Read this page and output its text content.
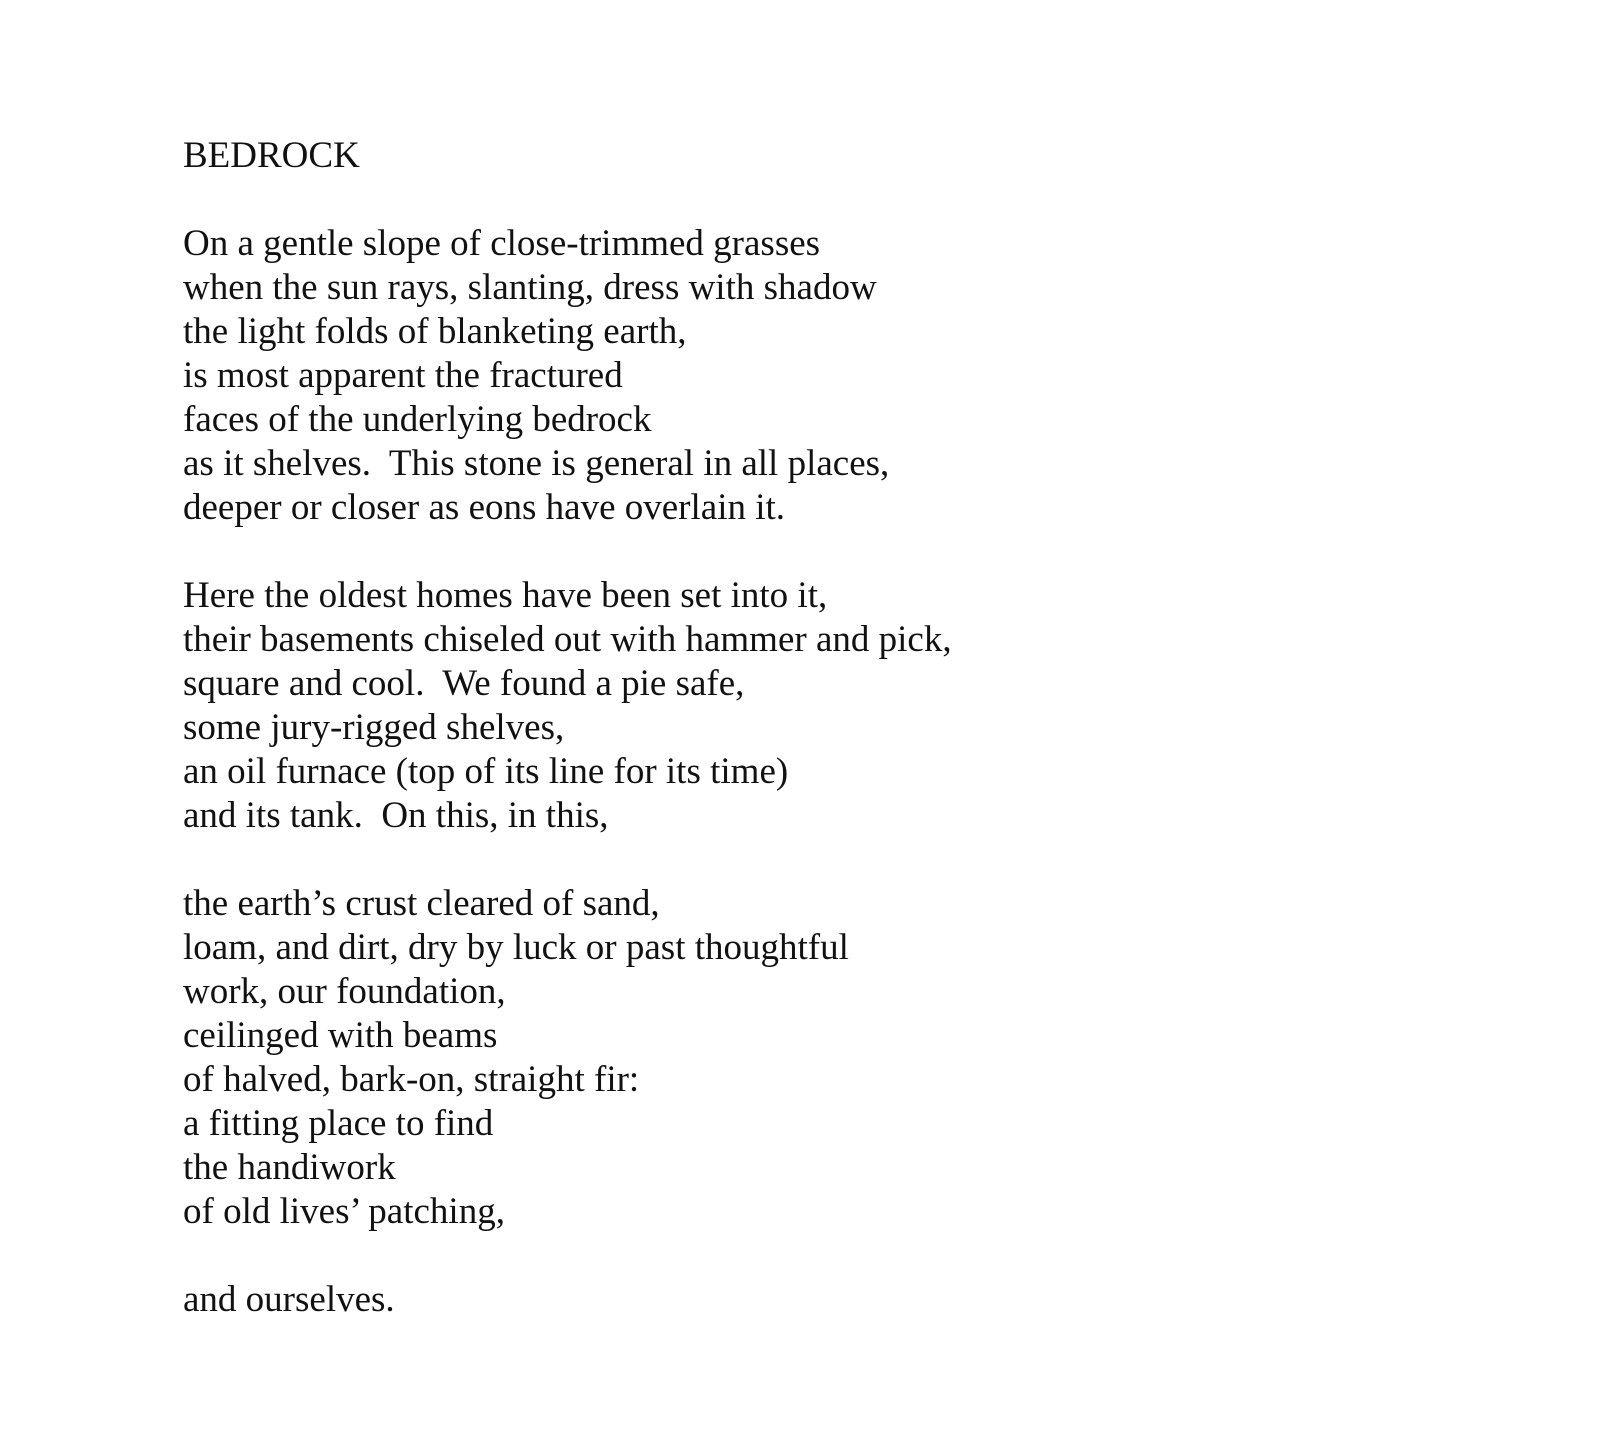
BEDROCK
On a gentle slope of close-trimmed grasses
when the sun rays, slanting, dress with shadow
the light folds of blanketing earth,
is most apparent the fractured
faces of the underlying bedrock
as it shelves.  This stone is general in all places,
deeper or closer as eons have overlain it.
Here the oldest homes have been set into it,
their basements chiseled out with hammer and pick,
square and cool.  We found a pie safe,
some jury-rigged shelves,
an oil furnace (top of its line for its time)
and its tank.  On this, in this,
the earth’s crust cleared of sand,
loam, and dirt, dry by luck or past thoughtful
work, our foundation,
ceilinged with beams
of halved, bark-on, straight fir:
a fitting place to find
the handiwork
of old lives’ patching,
and ourselves.
